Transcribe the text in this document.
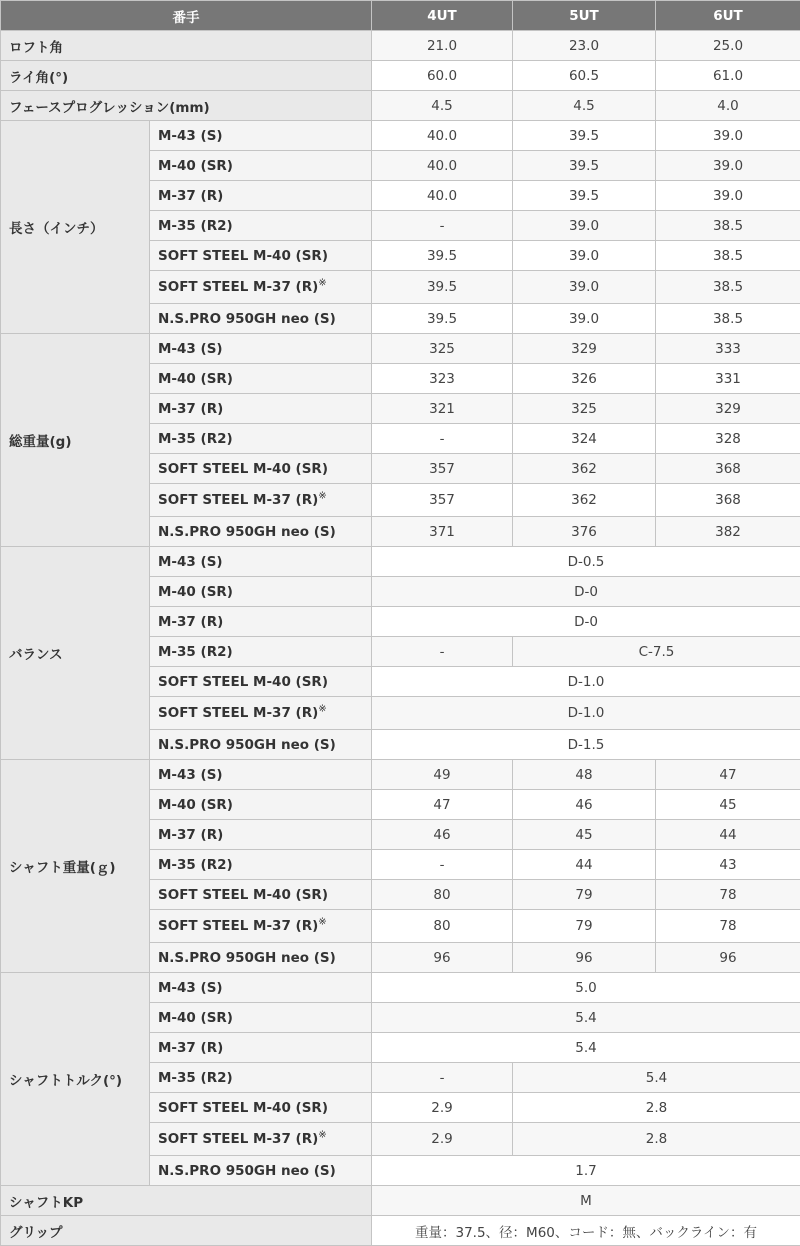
番手		4UT	5UT	6UT
ロフト角		21.0	23.0	25.0
ライ角(°)		60.0	60.5	61.0
フェースプログレッション(mm)		4.5	4.5	4.0
長さ（インチ）	M-43 (S)	40.0	39.5	39.0
	M-40 (SR)	40.0	39.5	39.0
	M-37 (R)	40.0	39.5	39.0
	M-35 (R2)	-	39.0	38.5
	SOFT STEEL M-40 (SR)	39.5	39.0	38.5
	SOFT STEEL M-37 (R)※	39.5	39.0	38.5
	N.S.PRO 950GH neo (S)	39.5	39.0	38.5
総重量(g)	M-43 (S)	325	329	333
	M-40 (SR)	323	326	331
	M-37 (R)	321	325	329
	M-35 (R2)	-	324	328
	SOFT STEEL M-40 (SR)	357	362	368
	SOFT STEEL M-37 (R)※	357	362	368
	N.S.PRO 950GH neo (S)	371	376	382
バランス	M-43 (S)	D-0.5		
	M-40 (SR)	D-0		
	M-37 (R)	D-0		
	M-35 (R2)	-	C-7.5	
	SOFT STEEL M-40 (SR)	D-1.0		
	SOFT STEEL M-37 (R)※	D-1.0		
	N.S.PRO 950GH neo (S)	D-1.5		
シャフト重量(ｇ)	M-43 (S)	49	48	47
	M-40 (SR)	47	46	45
	M-37 (R)	46	45	44
	M-35 (R2)	-	44	43
	SOFT STEEL M-40 (SR)	80	79	78
	SOFT STEEL M-37 (R)※	80	79	78
	N.S.PRO 950GH neo (S)	96	96	96
シャフトトルク(°)	M-43 (S)	5.0		
	M-40 (SR)	5.4		
	M-37 (R)	5.4		
	M-35 (R2)	-	5.4	
	SOFT STEEL M-40 (SR)	2.9	2.8	
	SOFT STEEL M-37 (R)※	2.9	2.8	
	N.S.PRO 950GH neo (S)	1.7		
シャフトKP		M		
グリップ		重量：37.5、径：M60、コード：無、バックライン：有		
